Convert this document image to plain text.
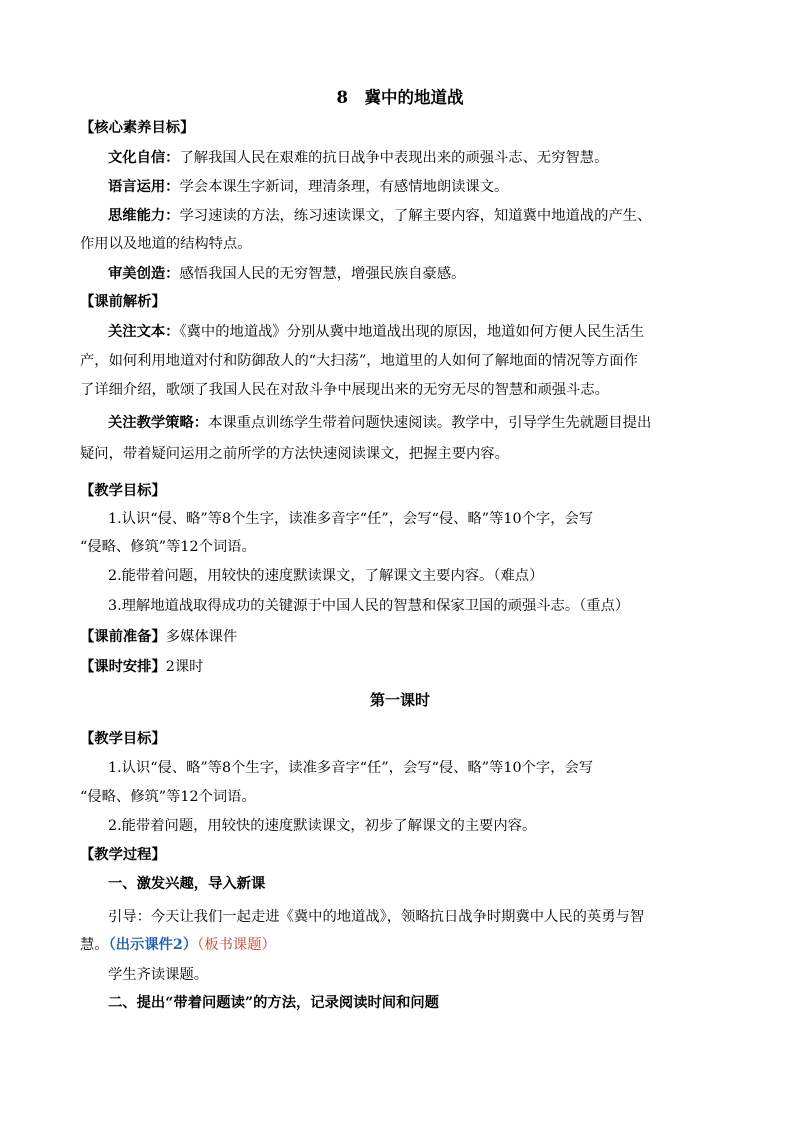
8　冀中的地道战
【核心素养目标】
文化自信：了解我国人民在艰难的抗日战争中表现出来的顽强斗志、无穷智慧。
语言运用：学会本课生字新词，理清条理，有感情地朗读课文。
思维能力：学习速读的方法，练习速读课文，了解主要内容，知道冀中地道战的产生、
作用以及地道的结构特点。
审美创造：感悟我国人民的无穷智慧，增强民族自豪感。
【课前解析】
关注文本：《冀中的地道战》分别从冀中地道战出现的原因，地道如何方便人民生活生
产，如何利用地道对付和防御敌人的“大扫荡”，地道里的人如何了解地面的情况等方面作
了详细介绍，歌颂了我国人民在对敌斗争中展现出来的无穷无尽的智慧和顽强斗志。
关注教学策略：本课重点训练学生带着问题快速阅读。教学中，引导学生先就题目提出
疑问，带着疑问运用之前所学的方法快速阅读课文，把握主要内容。
【教学目标】
1.认识“侵、略”等8个生字，读准多音字“任”，会写“侵、略”等10个字，会写
“侵略、修筑”等12个词语。
2.能带着问题，用较快的速度默读课文，了解课文主要内容。（难点）
3.理解地道战取得成功的关键源于中国人民的智慧和保家卫国的顽强斗志。（重点）
【课前准备】多媒体课件
【课时安排】2课时
第一课时
【教学目标】
1.认识“侵、略”等8个生字，读准多音字“任”，会写“侵、略”等10个字，会写
“侵略、修筑”等12个词语。
2.能带着问题，用较快的速度默读课文，初步了解课文的主要内容。
【教学过程】
一、激发兴趣，导入新课
引导：今天让我们一起走进《冀中的地道战》，领略抗日战争时期冀中人民的英勇与智
慧。（出示课件2）（板书课题）
学生齐读课题。
二、提出“带着问题读”的方法，记录阅读时间和问题
